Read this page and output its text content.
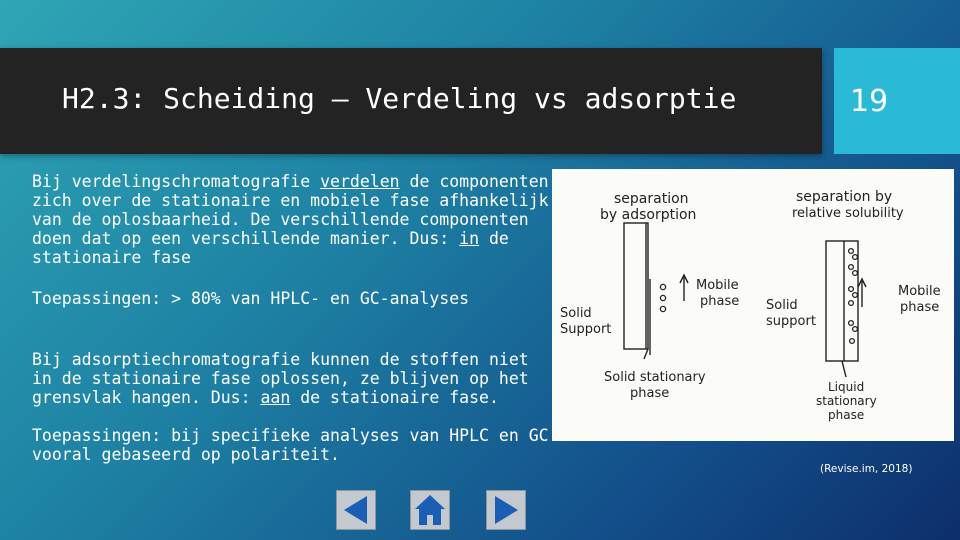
H2.3: Scheiding – Verdeling vs adsorptie	19
Bij verdelingschromatografie verdelen de componenten zich over de stationaire en mobiele fase afhankelijk van de oplosbaarheid. De verschillende componenten doen dat op een verschillende manier. Dus: in de stationaire fase
Toepassingen: > 80% van HPLC- en GC-analyses
Bij adsorptiechromatografie kunnen de stoffen niet in de stationaire fase oplossen, ze blijven op het grensvlak hangen. Dus: aan de stationaire fase.
Toepassingen: bij specifieke analyses van HPLC en GC vooral gebaseerd op polariteit.
separation
by adsorption
separation by
relative solubility
Solid
Support
Mobile
phase
Solid stationary
phase
Solid
support
Mobile
phase
Liquid
stationary
phase
(Revise.im, 2018)
